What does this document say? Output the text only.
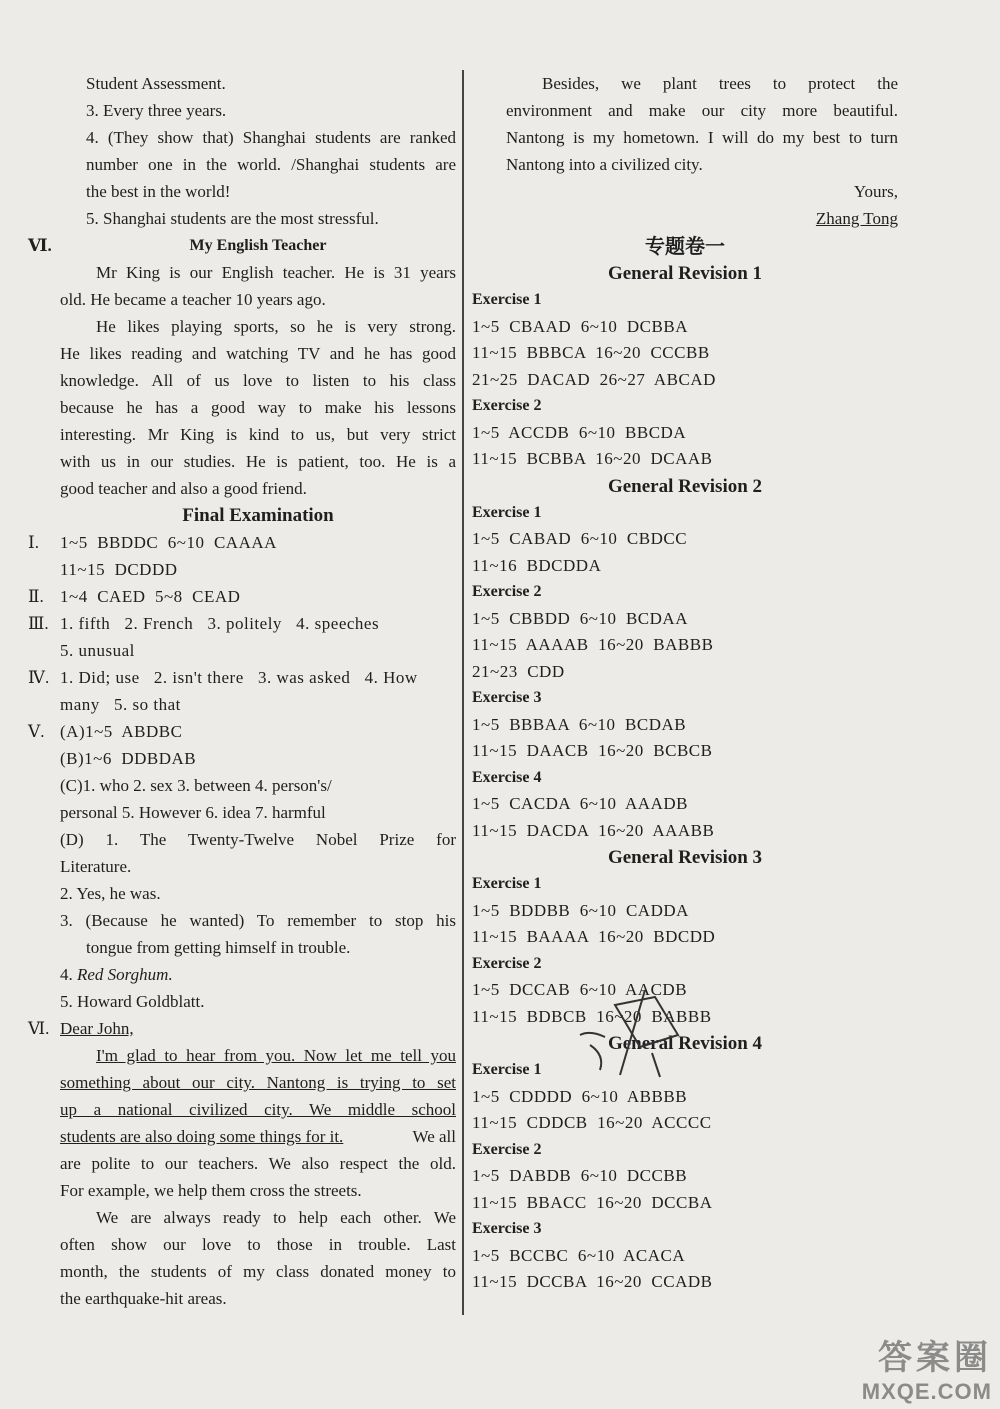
Student Assessment.
3. Every three years.
4. (They show that) Shanghai students are ranked
number one in the world. /Shanghai students are
the best in the world!
5. Shanghai students are the most stressful.
Ⅵ.	My English Teacher
Mr King is our English teacher. He is 31 years
old. He became a teacher 10 years ago.
He likes playing sports, so he is very strong.
He likes reading and watching TV and he has good
knowledge. All of us love to listen to his class
because he has a good way to make his lessons
interesting. Mr King is kind to us, but very strict
with us in our studies. He is patient, too. He is a
good teacher and also a good friend.
Final Examination
Ⅰ. 1~5  BBDDC  6~10  CAAAA
11~15  DCDDD
Ⅱ. 1~4  CAED  5~8  CEAD
Ⅲ. 1. fifth   2. French   3. politely   4. speeches
5. unusual
Ⅳ. 1. Did; use   2. isn't there   3. was asked   4. How
many   5. so that
Ⅴ. (A)1~5  ABDBC
(B)1~6  DDBDAB
(C)1. who 2. sex 3. between 4. person's/
personal 5. However 6. idea 7. harmful
(D) 1. The Twenty-Twelve Nobel Prize for
Literature.
2. Yes, he was.
3. (Because he wanted) To remember to stop his
tongue from getting himself in trouble.
4. Red Sorghum.
5. Howard Goldblatt.
Ⅵ. Dear John,
I'm glad to hear from you. Now let me tell you
something about our city. Nantong is trying to set
up a national civilized city. We middle school
students are also doing some things for it.	We all
are polite to our teachers. We also respect the old.
For example, we help them cross the streets.
We are always ready to help each other. We
often show our love to those in trouble. Last
month, the students of my class donated money to
the earthquake-hit areas.
Besides, we plant trees to protect the
environment and make our city more beautiful.
Nantong is my hometown. I will do my best to turn
Nantong into a civilized city.
Yours,
Zhang Tong
专题卷一
General Revision 1
Exercise 1
1~5  CBAAD  6~10  DCBBA
11~15  BBBCA  16~20  CCCBB
21~25  DACAD  26~27  ABCAD
Exercise 2
1~5  ACCDB  6~10  BBCDA
11~15  BCBBA  16~20  DCAAB
General Revision 2
Exercise 1
1~5  CABAD  6~10  CBDCC
11~16  BDCDDA
Exercise 2
1~5  CBBDD  6~10  BCDAA
11~15  AAAAB  16~20  BABBB
21~23  CDD
Exercise 3
1~5  BBBAA  6~10  BCDAB
11~15  DAACB  16~20  BCBCB
Exercise 4
1~5  CACDA  6~10  AAADB
11~15  DACDA  16~20  AAABB
General Revision 3
Exercise 1
1~5  BDDBB  6~10  CADDA
11~15  BAAAA  16~20  BDCDD
Exercise 2
1~5  DCCAB  6~10  AACDB
11~15  BDBCB  16~20  BABBB
General Revision 4
Exercise 1
1~5  CDDDD  6~10  ABBBB
11~15  CDDCB  16~20  ACCCC
Exercise 2
1~5  DABDB  6~10  DCCBB
11~15  BBACC  16~20  DCCBA
Exercise 3
1~5  BCCBC  6~10  ACACA
11~15  DCCBA  16~20  CCADB
答案圈
MXQE.COM
